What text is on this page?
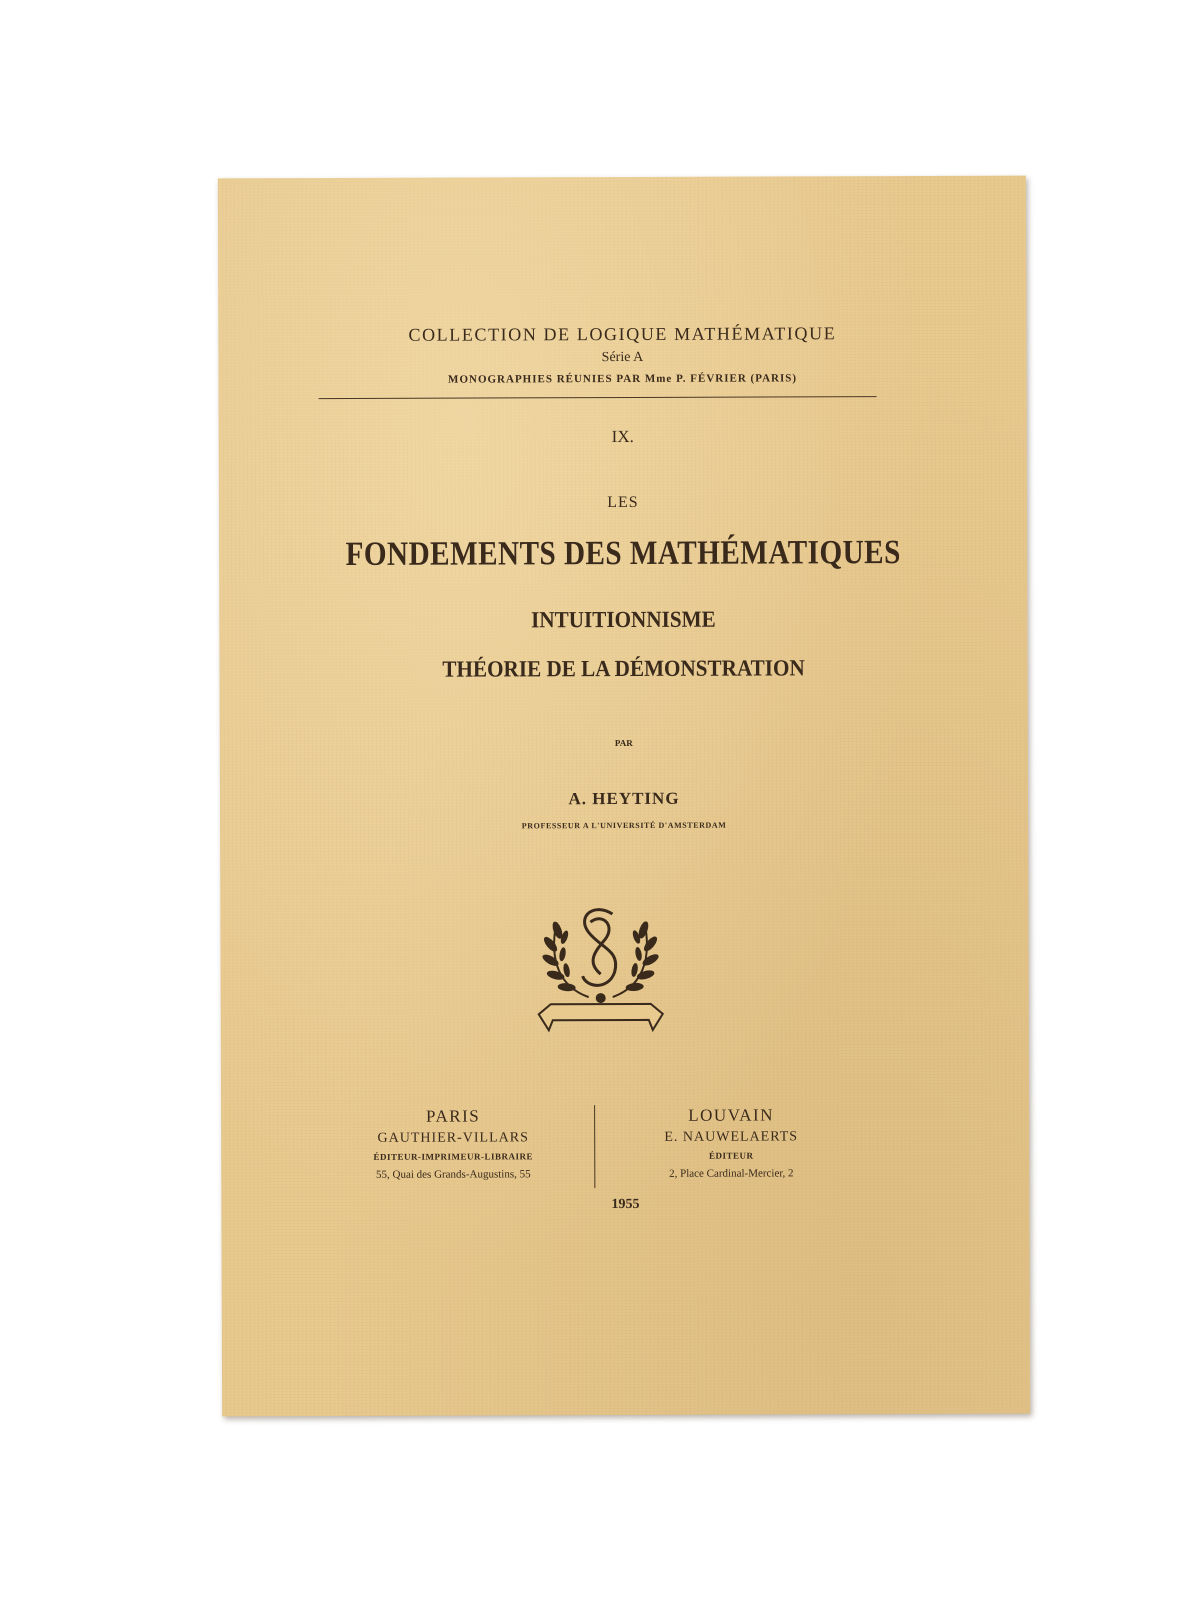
COLLECTION DE LOGIQUE MATHÉMATIQUE
Série A
MONOGRAPHIES RÉUNIES PAR Mme P. FÉVRIER (PARIS)
IX.
LES
FONDEMENTS DES MATHÉMATIQUES
INTUITIONNISME
THÉORIE DE LA DÉMONSTRATION
PAR
A. HEYTING
PROFESSEUR A L'UNIVERSITÉ D'AMSTERDAM
PARIS
GAUTHIER-VILLARS
ÉDITEUR-IMPRIMEUR-LIBRAIRE
55, Quai des Grands-Augustins, 55
LOUVAIN
E. NAUWELAERTS
ÉDITEUR
2, Place Cardinal-Mercier, 2
1955
